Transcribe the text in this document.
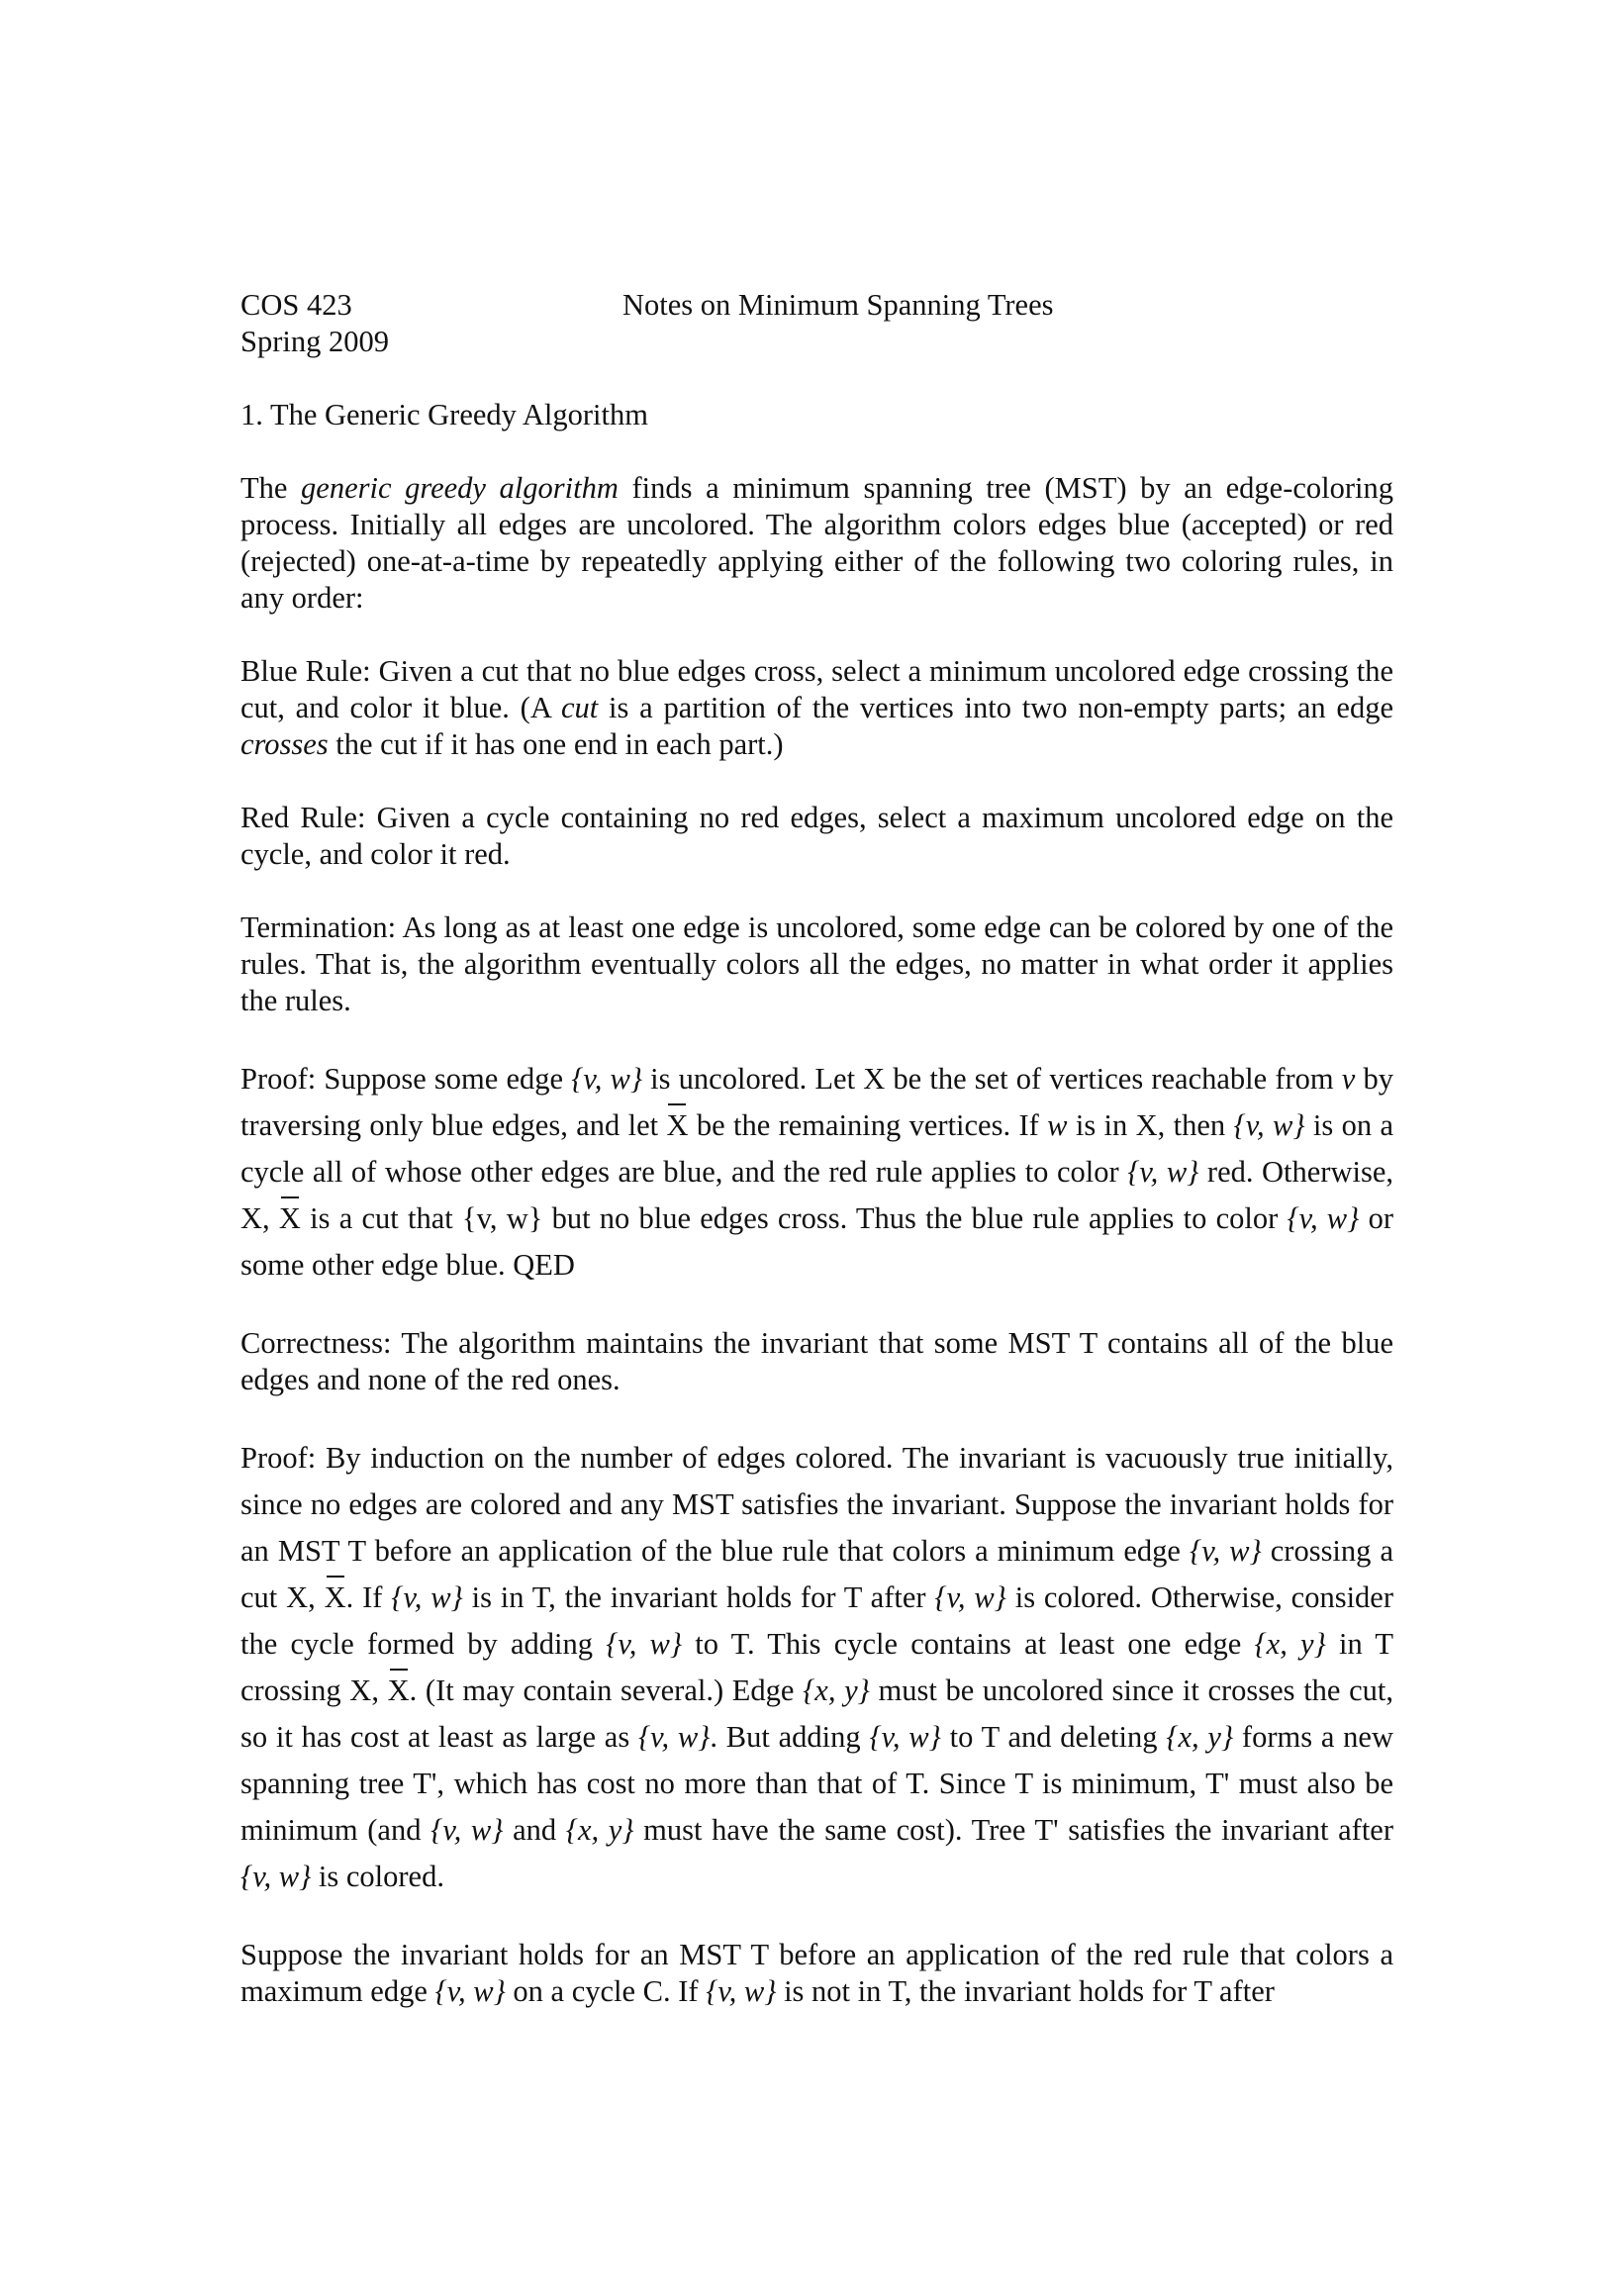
COS 423
Spring 2009
Notes on Minimum Spanning Trees
1. The Generic Greedy Algorithm

The generic greedy algorithm finds a minimum spanning tree (MST) by an edge-coloring process. Initially all edges are uncolored. The algorithm colors edges blue (accepted) or red (rejected) one-at-a-time by repeatedly applying either of the following two coloring rules, in any order:

Blue Rule: Given a cut that no blue edges cross, select a minimum uncolored edge crossing the cut, and color it blue. (A cut is a partition of the vertices into two non-empty parts; an edge crosses the cut if it has one end in each part.)

Red Rule: Given a cycle containing no red edges, select a maximum uncolored edge on the cycle, and color it red.

Termination: As long as at least one edge is uncolored, some edge can be colored by one of the rules. That is, the algorithm eventually colors all the edges, no matter in what order it applies the rules.

Proof: Suppose some edge {v, w} is uncolored. Let X be the set of vertices reachable from v by traversing only blue edges, and let X be the remaining vertices. If w is in X, then {v, w} is on a cycle all of whose other edges are blue, and the red rule applies to color {v, w} red. Otherwise, X, X is a cut that {v, w} but no blue edges cross. Thus the blue rule applies to color {v, w} or some other edge blue. QED

Correctness: The algorithm maintains the invariant that some MST T contains all of the blue edges and none of the red ones.

Proof: By induction on the number of edges colored. The invariant is vacuously true initially, since no edges are colored and any MST satisfies the invariant. Suppose the invariant holds for an MST T before an application of the blue rule that colors a minimum edge {v, w} crossing a cut X, X. If {v, w} is in T, the invariant holds for T after {v, w} is colored. Otherwise, consider the cycle formed by adding {v, w} to T. This cycle contains at least one edge {x, y} in T crossing X, X. (It may contain several.) Edge {x, y} must be uncolored since it crosses the cut, so it has cost at least as large as {v, w}. But adding {v, w} to T and deleting {x, y} forms a new spanning tree T', which has cost no more than that of T. Since T is minimum, T' must also be minimum (and {v, w} and {x, y} must have the same cost). Tree T' satisfies the invariant after {v, w} is colored.

Suppose the invariant holds for an MST T before an application of the red rule that colors a maximum edge {v, w} on a cycle C. If {v, w} is not in T, the invariant holds for T after
